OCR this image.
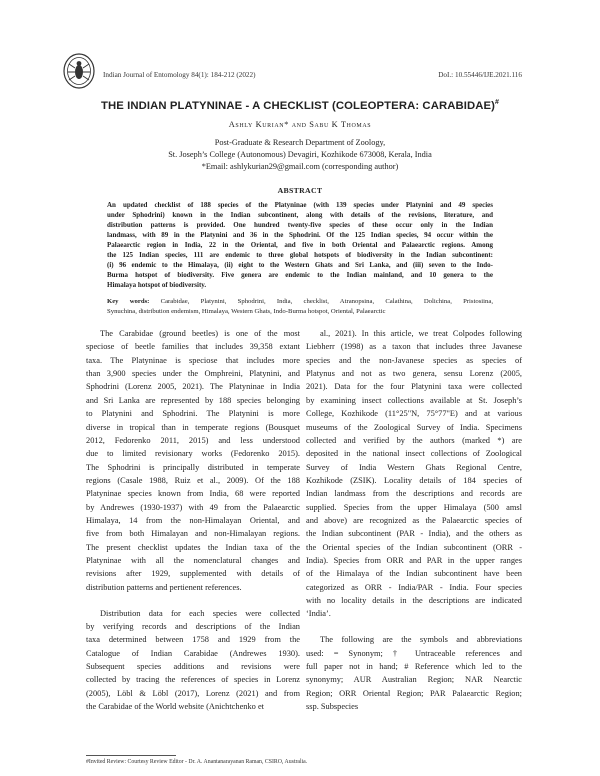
Indian Journal of Entomology 84(1): 184-212 (2022)	DoI.: 10.55446/IJE.2021.116
THE INDIAN PLATYNINAE - A CHECKLIST (COLEOPTERA: CARABIDAE)#
Ashly Kurian* and Sabu K Thomas
Post-Graduate & Research Department of Zoology,
St. Joseph’s College (Autonomous) Devagiri, Kozhikode 673008, Kerala, India
*Email: ashlykurian29@gmail.com (corresponding author)
ABSTRACT
An updated checklist of 188 species of the Platyninae (with 139 species under Platynini and 49 species
under Sphodrini) known in the Indian subcontinent, along with details of the revisions, literature, and
distribution patterns is provided. One hundred twenty-five species of these occur only in the Indian
landmass, with 89 in the Platynini and 36 in the Sphodrini. Of the 125 Indian species, 94 occur within the
Palaearctic region in India, 22 in the Oriental, and five in both Oriental and Palaearctic regions. Among
the 125 Indian species, 111 are endemic to three global hotspots of biodiversity in the Indian subcontinent:
(i) 96 endemic to the Himalaya, (ii) eight to the Western Ghats and Sri Lanka, and (iii) seven to the Indo-
Burma hotspot of biodiversity. Five genera are endemic to the Indian mainland, and 10 genera to the
Himalaya hotspot of biodiversity.
Key words: Carabidae, Platynini, Sphodrini, India, checklist, Atranopsina, Calathina, Dolichina, Pristosiina,
Synuchina, distribution endemism, Himalaya, Western Ghats, Indo-Burma hotspot, Oriental, Palaearctic
The Carabidae (ground beetles) is one of the most
speciose of beetle families that includes 39,358 extant
taxa. The Platyninae is speciose that includes more
than 3,900 species under the Omphreini, Platynini, and
Sphodrini (Lorenz 2005, 2021). The Platyninae in India
and Sri Lanka are represented by 188 species belonging
to Platynini and Sphodrini. The Platynini is more
diverse in tropical than in temperate regions (Bousquet
2012, Fedorenko 2011, 2015) and less understood
due to limited revisionary works (Fedorenko 2015).
The Sphodrini is principally distributed in temperate
regions (Casale 1988, Ruiz et al., 2009). Of the 188
Platyninae species known from India, 68 were reported
by Andrewes (1930-1937) with 49 from the Palaearctic
Himalaya, 14 from the non-Himalayan Oriental, and
five from both Himalayan and non-Himalayan regions.
The present checklist updates the Indian taxa of the
Platyninae with all the nomenclatural changes and
revisions after 1929, supplemented with details of
distribution patterns and pertienent references.
Distribution data for each species were collected
by verifying records and descriptions of the Indian
taxa determined between 1758 and 1929 from the
Catalogue of Indian Carabidae (Andrewes 1930).
Subsequent species additions and revisions were
collected by tracing the references of species in Lorenz
(2005), Löbl & Löbl (2017), Lorenz (2021) and from
the Carabidae of the World website (Anichtchenko et
al., 2021). In this article, we treat Colpodes following
Liebherr (1998) as a taxon that includes three Javanese
species and the non-Javanese species as species of
Platynus and not as two genera, sensu Lorenz (2005,
2021). Data for the four Platynini taxa were collected
by examining insect collections available at St. Joseph’s
College, Kozhikode (11°25"N, 75°77"E) and at various
museums of the Zoological Survey of India. Specimens
collected and verified by the authors (marked *) are
deposited in the national insect collections of Zoological
Survey of India Western Ghats Regional Centre,
Kozhikode (ZSIK). Locality details of 184 species of
Indian landmass from the descriptions and records are
supplied. Species from the upper Himalaya (500 amsl
and above) are recognized as the Palaearctic species of
the Indian subcontinent (PAR - India), and the others as
the Oriental species of the Indian subcontinent (ORR -
India). Species from ORR and PAR in the upper ranges
of the Himalaya of the Indian subcontinent have been
categorized as ORR - India/PAR - India. Four species
with no locality details in the descriptions are indicated
‘India’.
The following are the symbols and abbreviations
used: = Synonym; † Untraceable references and
full paper not in hand; # Reference which led to the
synonymy; AUR Australian Region; NAR Nearctic
Region; ORR Oriental Region; PAR Palaearctic Region;
ssp. Subspecies
#Invited Review: Courtesy Review Editor - Dr. A. Anantanarayanan Raman, CSIRO, Australia.
